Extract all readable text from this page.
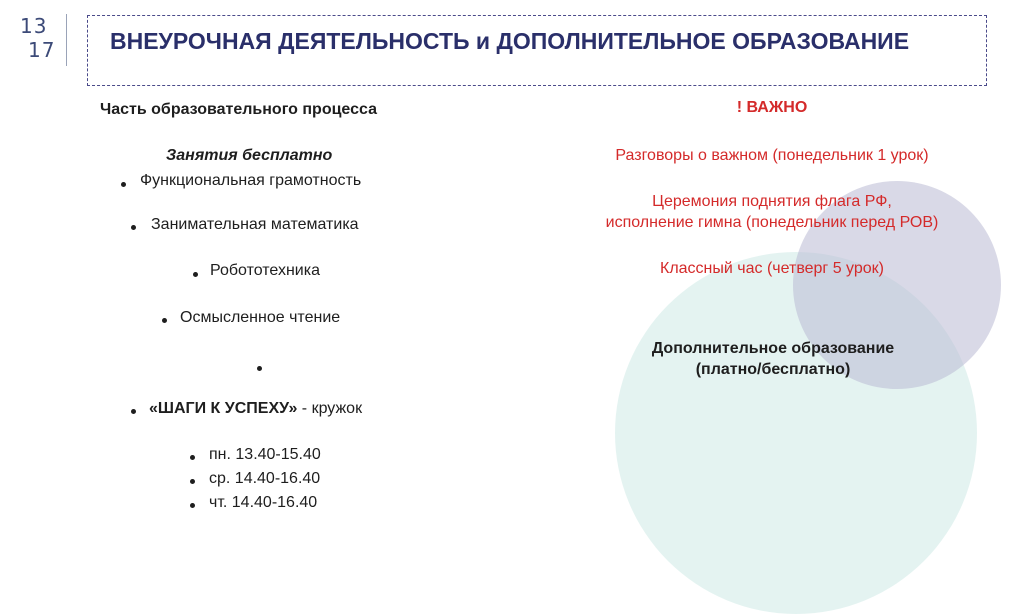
13
17 ВНЕУРОЧНАЯ ДЕЯТЕЛЬНОСТЬ и ДОПОЛНИТЕЛЬНОЕ ОБРАЗОВАНИЕ
Часть образовательного процесса
Занятия бесплатно
Функциональная грамотность
Занимательная математика
Робототехника
Осмысленное чтение
«ШАГИ К УСПЕХУ» - кружок
пн. 13.40-15.40
ср. 14.40-16.40
чт. 14.40-16.40
! ВАЖНО
Разговоры о важном (понедельник 1 урок)
Церемония поднятия флага РФ,
исполнение гимна (понедельник перед РОВ)
Классный час (четверг 5 урок)
Дополнительное образование
(платно/бесплатно)
